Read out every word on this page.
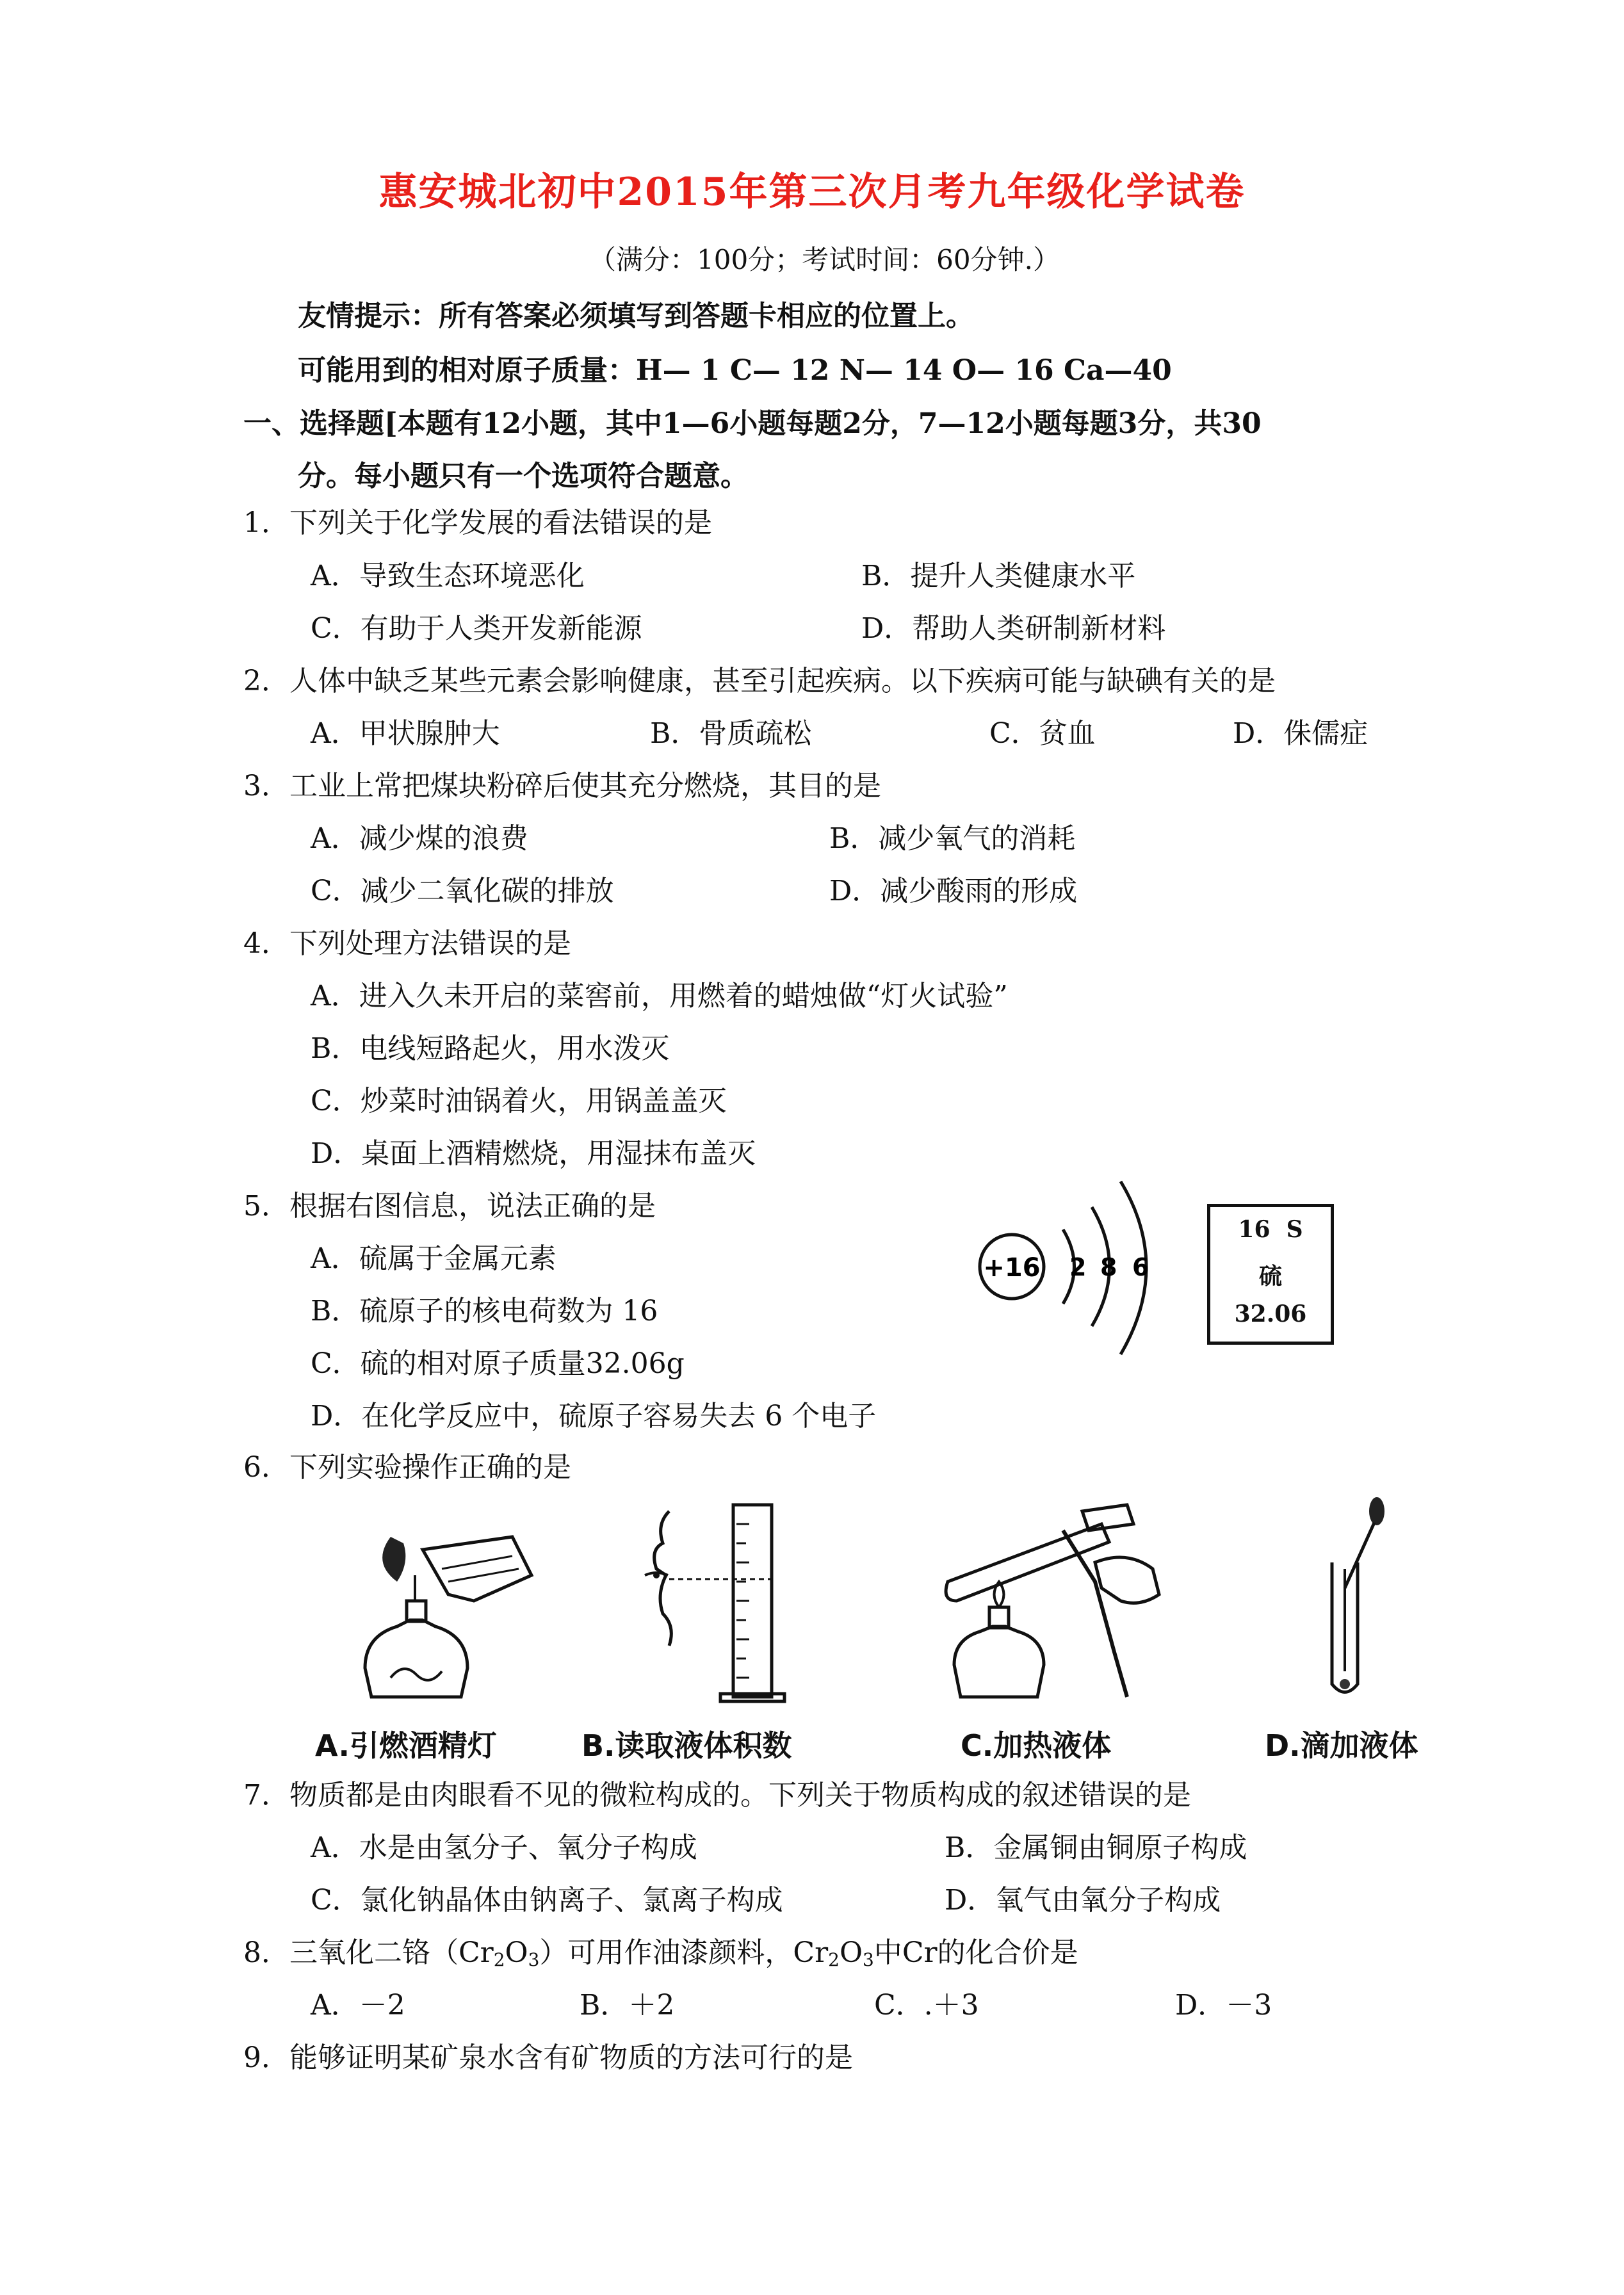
惠安城北初中2015年第三次月考九年级化学试卷
（满分：100分；考试时间：60分钟.）
友情提示：所有答案必须填写到答题卡相应的位置上。
可能用到的相对原子质量：H— 1 C— 12 N— 14 O— 16 Ca—40
一、选择题[本题有12小题，其中1—6小题每题2分，7—12小题每题3分，共30
分。每小题只有一个选项符合题意。
1．下列关于化学发展的看法错误的是
A．导致生态环境恶化	B．提升人类健康水平
C．有助于人类开发新能源	D．帮助人类研制新材料
2．人体中缺乏某些元素会影响健康，甚至引起疾病。以下疾病可能与缺碘有关的是
A．甲状腺肿大	B．骨质疏松	C．贫血	D．侏儒症
3．工业上常把煤块粉碎后使其充分燃烧，其目的是
A．减少煤的浪费	B．减少氧气的消耗
C．减少二氧化碳的排放	D．减少酸雨的形成
4．下列处理方法错误的是
A．进入久未开启的菜窖前，用燃着的蜡烛做“灯火试验”
B．电线短路起火，用水泼灭
C．炒菜时油锅着火，用锅盖盖灭
D．桌面上酒精燃烧，用湿抹布盖灭
5．根据右图信息，说法正确的是
A．硫属于金属元素
B．硫原子的核电荷数为 16
C．硫的相对原子质量32.06g
D．在化学反应中，硫原子容易失去 6 个电子
+16 2 8 6
16  S
硫
32.06
6．下列实验操作正确的是
A.引燃酒精灯	B.读取液体积数	C.加热液体	D.滴加液体
7．物质都是由肉眼看不见的微粒构成的。下列关于物质构成的叙述错误的是
A．水是由氢分子、氧分子构成	B．金属铜由铜原子构成
C．氯化钠晶体由钠离子、氯离子构成	D．氧气由氧分子构成
8．三氧化二铬$(Cr_2O_3)$可用作油漆颜料，$Cr_2O_3$中Cr的化合价是
A．－2	B．＋2	C．.＋3	D．－3
9．能够证明某矿泉水含有矿物质的方法可行的是
